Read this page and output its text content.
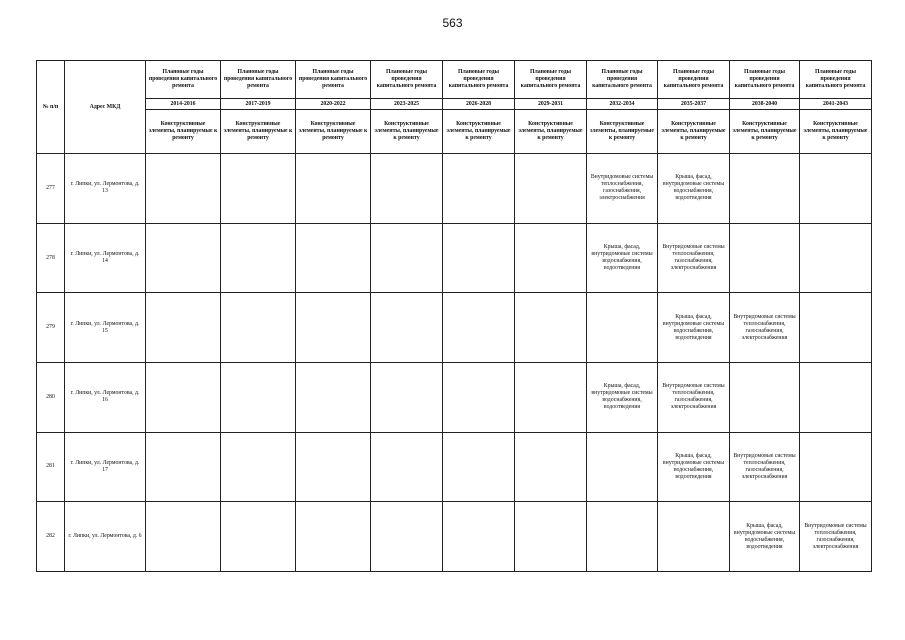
563
№ п/п	Адрес МКД	Плановые годы проведения капитального ремонта	Плановые годы проведения капитального ремонта	Плановые годы проведения капитального ремонта	Плановые годы проведения капитального ремонта	Плановые годы проведения капитального ремонта	Плановые годы проведения капитального ремонта	Плановые годы проведения капитального ремонта	Плановые годы проведения капитального ремонта	Плановые годы проведения капитального ремонта	Плановые годы проведения капитального ремонта
		2014-2016	2017-2019	2020-2022	2023-2025	2026-2028	2029-2031	2032-2034	2035-2037	2038-2040	2041-2043
		Конструктивные элементы, планируемые к ремонту	Конструктивные элементы, планируемые к ремонту	Конструктивные элементы, планируемые к ремонту	Конструктивные элементы, планируемые к ремонту	Конструктивные элементы, планируемые к ремонту	Конструктивные элементы, планируемые к ремонту	Конструктивные элементы, планируемые к ремонту	Конструктивные элементы, планируемые к ремонту	Конструктивные элементы, планируемые к ремонту	Конструктивные элементы, планируемые к ремонту
277	г. Липки, ул. Лермонтова, д. 13							Внутридомовые системы теплоснабжения, газоснабжения, электроснабжения	Крыша, фасад, внутридомовые системы водоснабжения, водоотведения		
278	г. Липки, ул. Лермонтова, д. 14							Крыша, фасад, внутридомовые системы водоснабжения, водоотведения	Внутридомовые системы теплоснабжения, газоснабжения, электроснабжения		
279	г. Липки, ул. Лермонтова, д. 15								Крыша, фасад, внутридомовые системы водоснабжения, водоотведения	Внутридомовые системы теплоснабжения, газоснабжения, электроснабжения	
280	г. Липки, ул. Лермонтова, д. 16							Крыша, фасад, внутридомовые системы водоснабжения, водоотведения	Внутридомовые системы теплоснабжения, газоснабжения, электроснабжения		
281	г. Липки, ул. Лермонтова, д. 17								Крыша, фасад, внутридомовые системы водоснабжения, водоотведения	Внутридомовые системы теплоснабжения, газоснабжения, электроснабжения	
282	г. Липки, ул. Лермонтова, д. 6									Крыша, фасад, внутридомовые системы водоснабжения, водоотведения	Внутридомовые системы теплоснабжения, газоснабжения, электроснабжения
